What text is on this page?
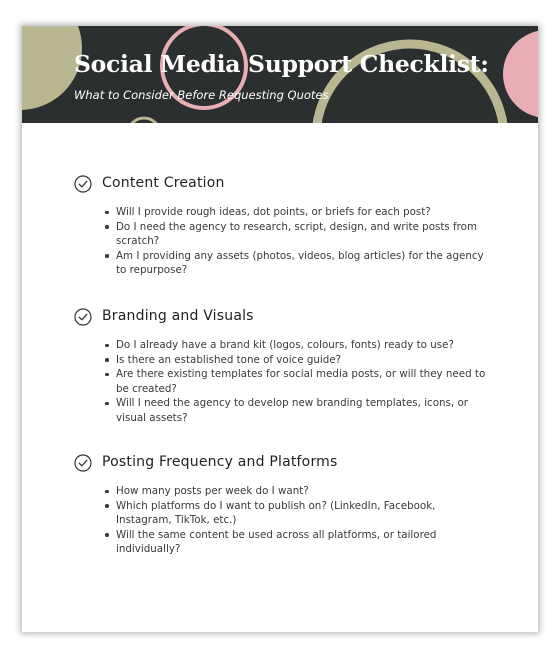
Social Media Support Checklist:
What to Consider Before Requesting Quotes
Content Creation
Will I provide rough ideas, dot points, or briefs for each post?
Do I need the agency to research, script, design, and write posts from scratch?
Am I providing any assets (photos, videos, blog articles) for the agency to repurpose?
Branding and Visuals
Do I already have a brand kit (logos, colours, fonts) ready to use?
Is there an established tone of voice guide?
Are there existing templates for social media posts, or will they need to be created?
Will I need the agency to develop new branding templates, icons, or visual assets?
Posting Frequency and Platforms
How many posts per week do I want?
Which platforms do I want to publish on? (LinkedIn, Facebook, Instagram, TikTok, etc.)
Will the same content be used across all platforms, or tailored individually?
